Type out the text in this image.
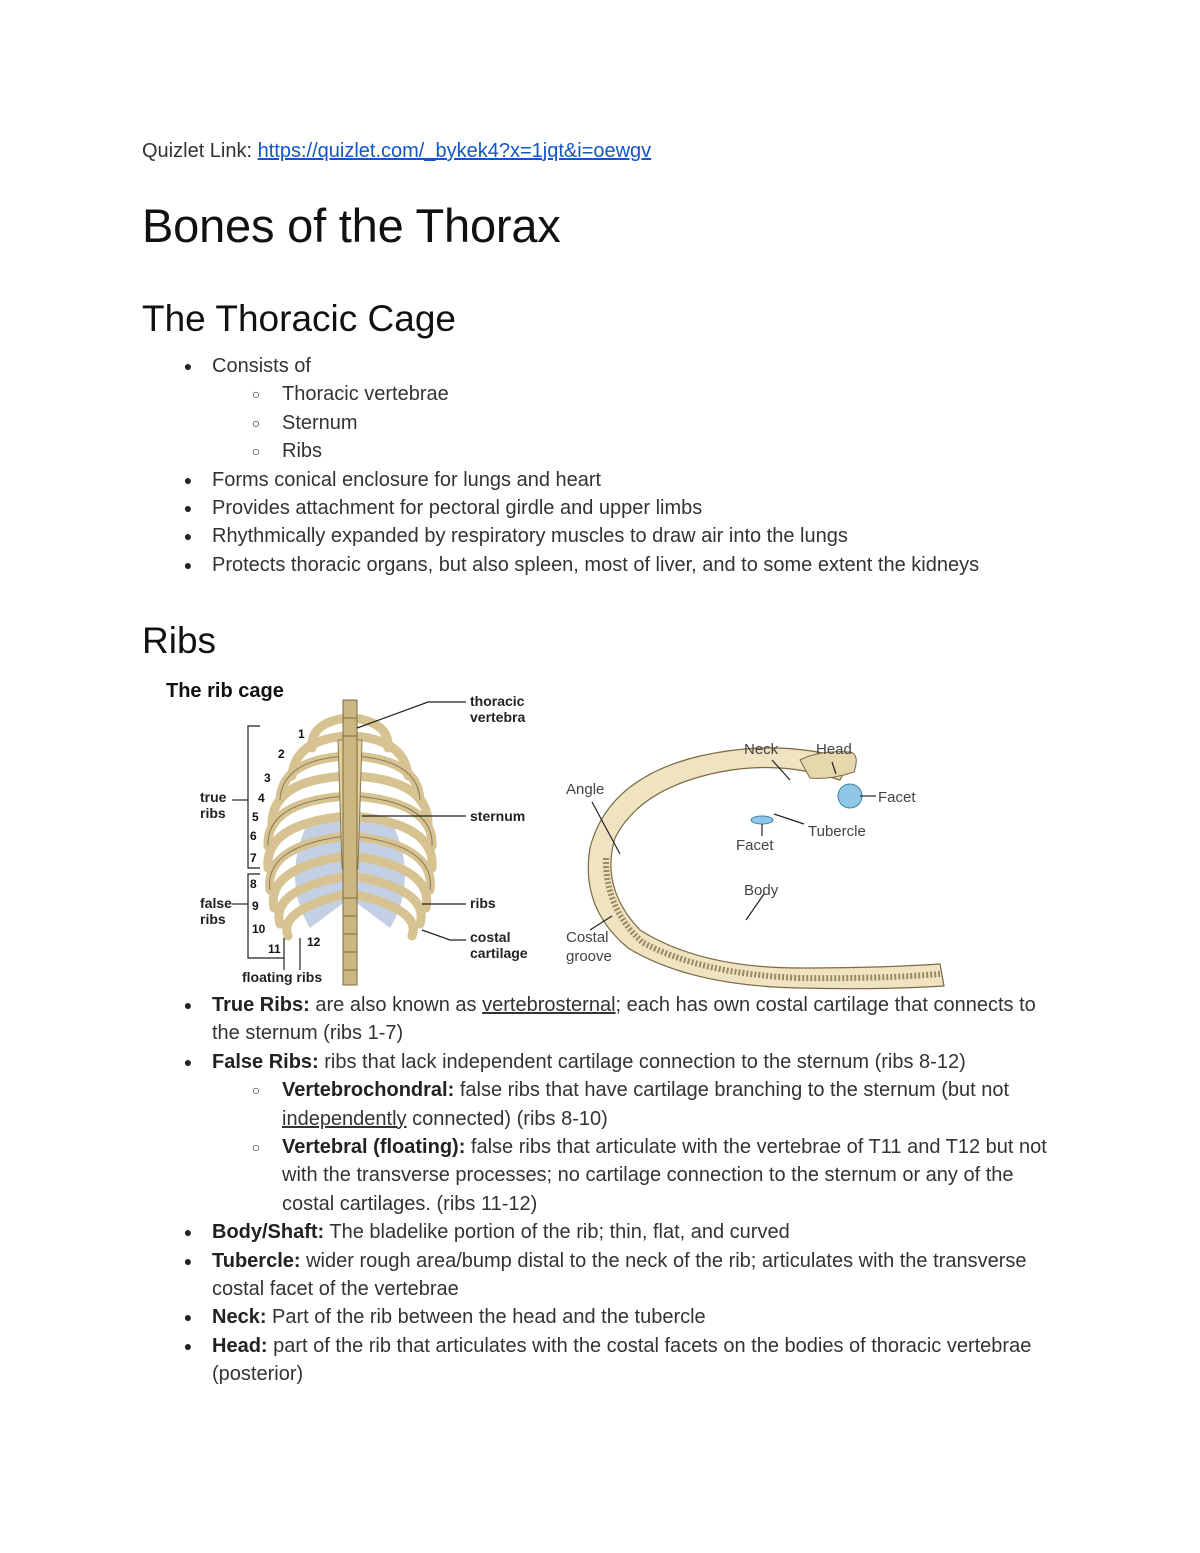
Quizlet Link: https://quizlet.com/_bykek4?x=1jqt&i=oewgv
Bones of the Thorax
The Thoracic Cage
● Consists of
○ Thoracic vertebrae
○ Sternum
○ Ribs
● Forms conical enclosure for lungs and heart
● Provides attachment for pectoral girdle and upper limbs
● Rhythmically expanded by respiratory muscles to draw air into the lungs
● Protects thoracic organs, but also spleen, most of liver, and to some extent the kidneys
Ribs
The rib cage
1
2
3
4
5
6
7
8
9
10
11 12
true
ribs
false
ribs
floating ribs
thoracic
vertebra
sternum
ribs
costal
cartilage
Neck	Head
Angle	Facet
Tubercle
Facet
Body
Costal
groove
● True Ribs: are also known as vertebrosternal; each has own costal cartilage that connects to the sternum (ribs 1-7)
● False Ribs: ribs that lack independent cartilage connection to the sternum (ribs 8-12)
○ Vertebrochondral: false ribs that have cartilage branching to the sternum (but not independently connected) (ribs 8-10)
○ Vertebral (floating): false ribs that articulate with the vertebrae of T11 and T12 but not with the transverse processes; no cartilage connection to the sternum or any of the costal cartilages. (ribs 11-12)
● Body/Shaft: The bladelike portion of the rib; thin, flat, and curved
● Tubercle: wider rough area/bump distal to the neck of the rib; articulates with the transverse costal facet of the vertebrae
● Neck: Part of the rib between the head and the tubercle
● Head: part of the rib that articulates with the costal facets on the bodies of thoracic vertebrae (posterior)
